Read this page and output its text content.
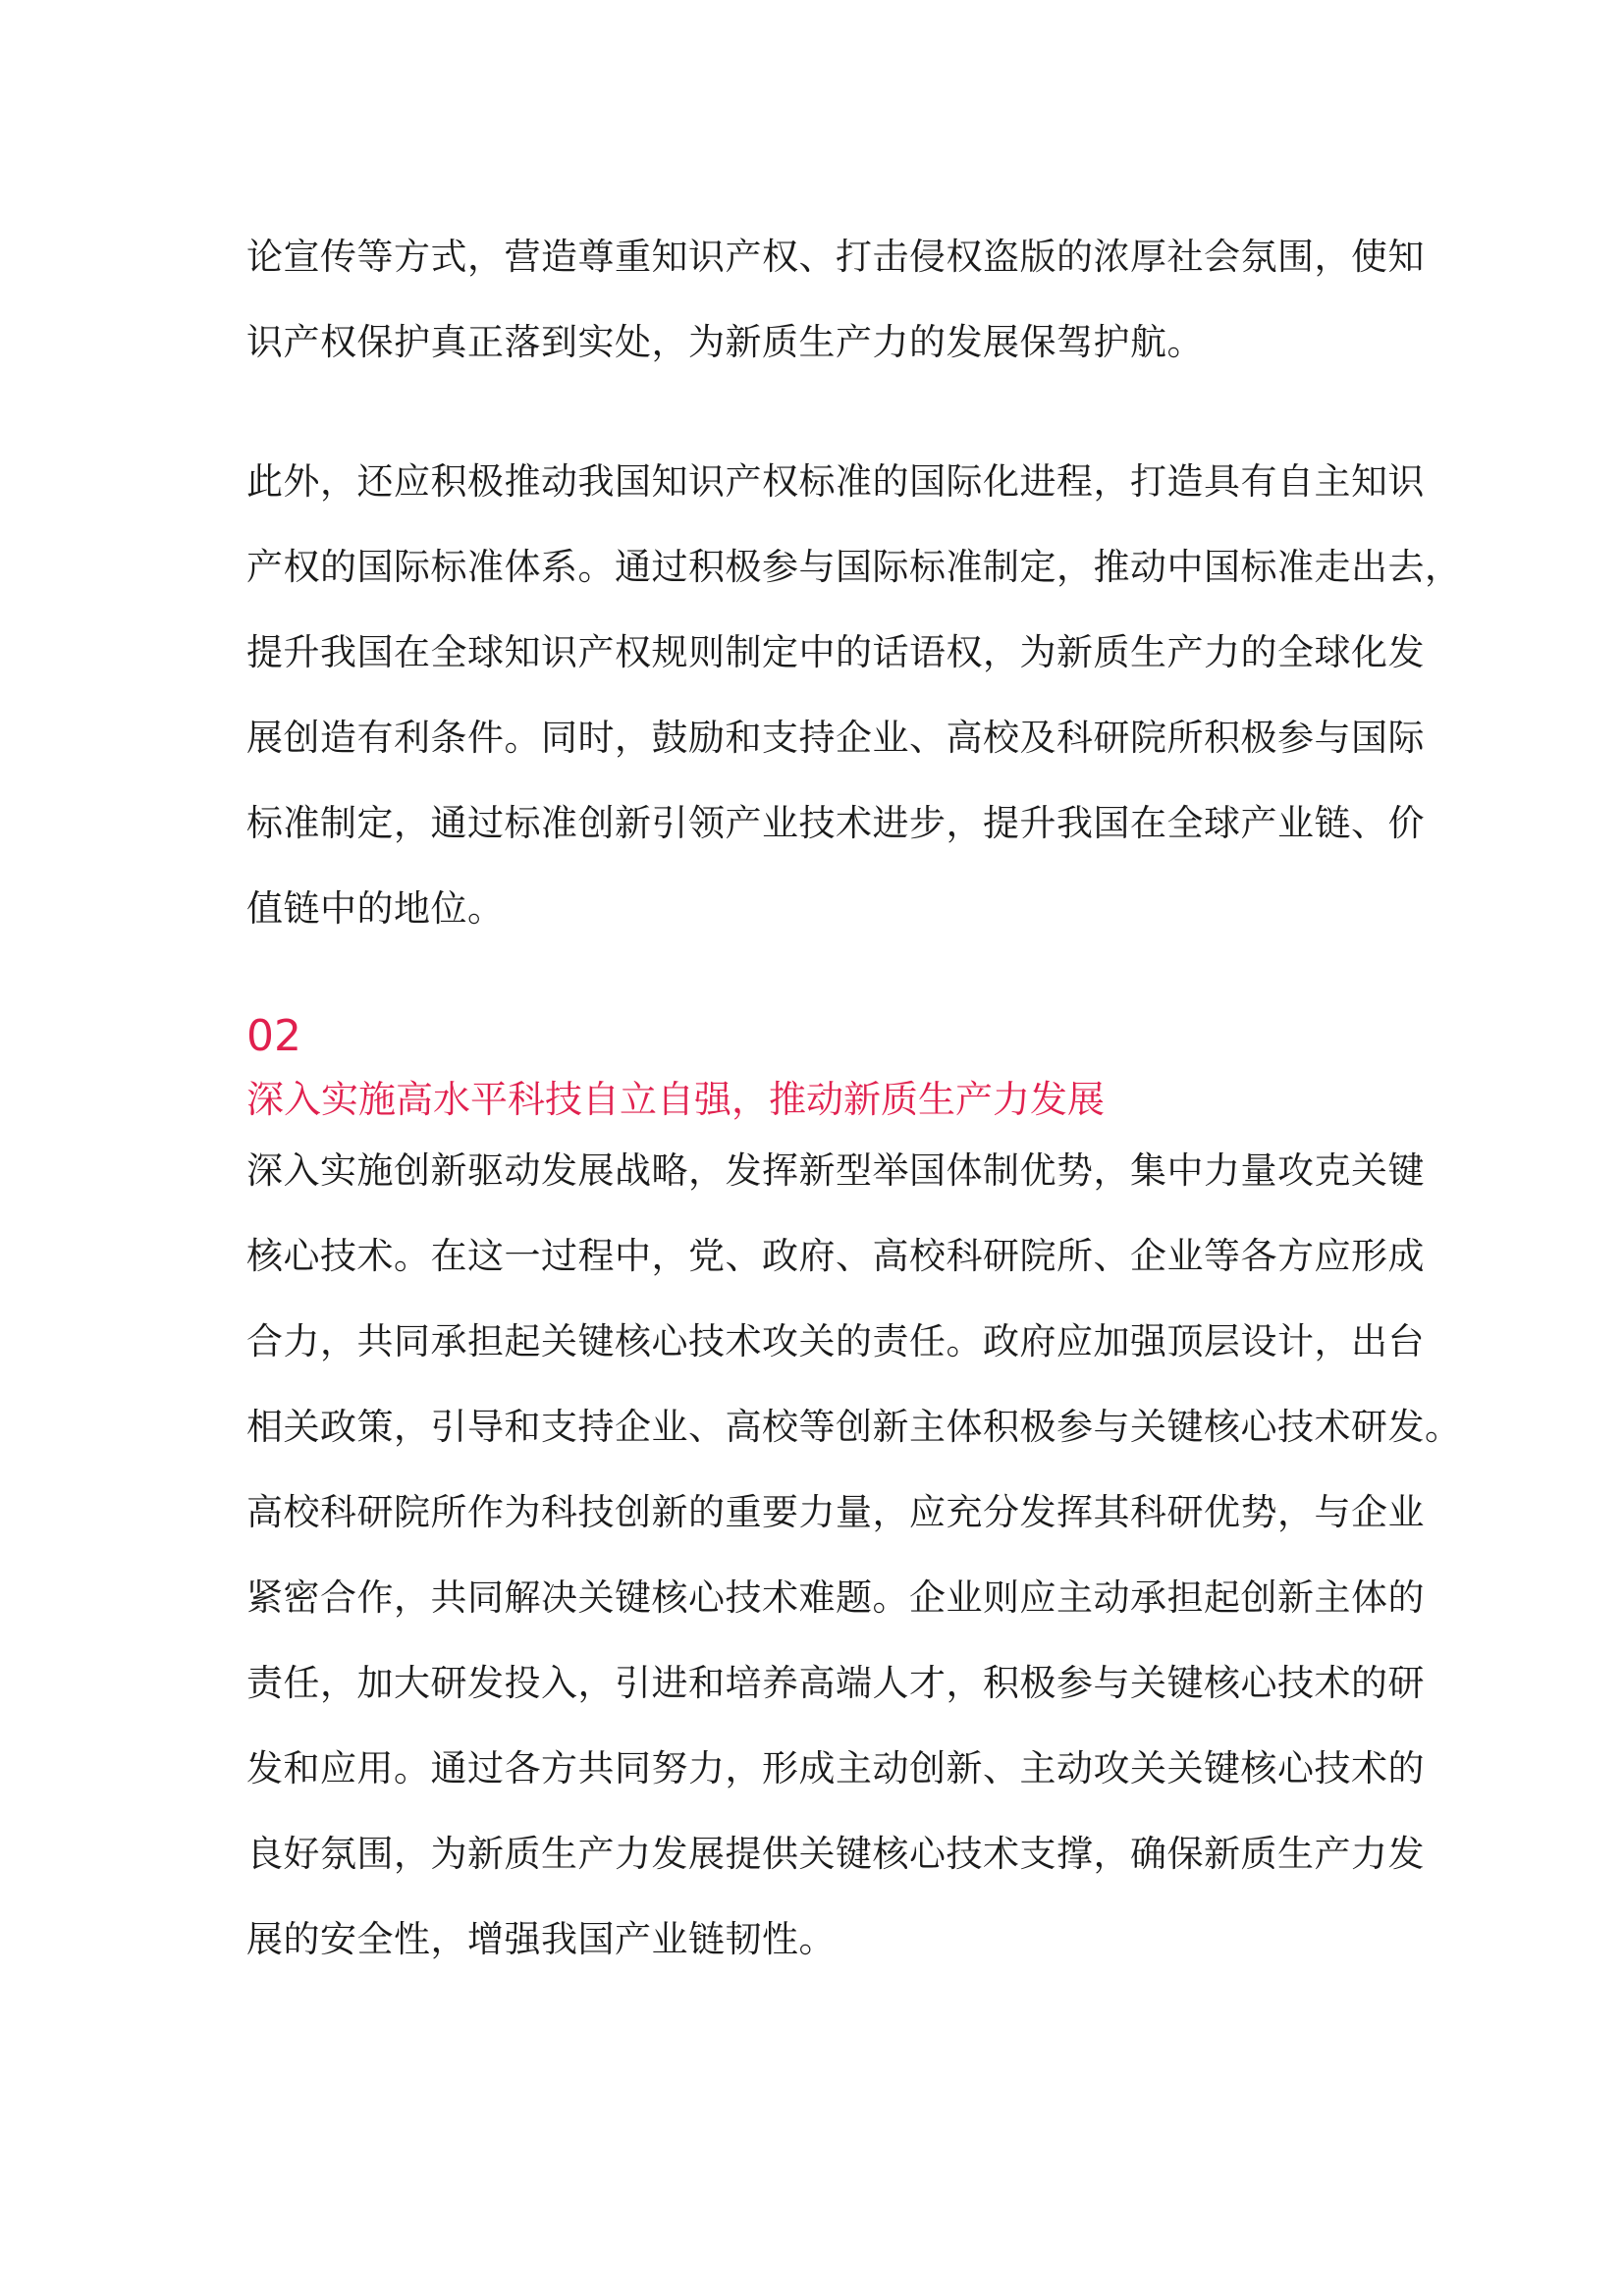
论宣传等方式，营造尊重知识产权、打击侵权盗版的浓厚社会氛围，使知
识产权保护真正落到实处，为新质生产力的发展保驾护航。

此外，还应积极推动我国知识产权标准的国际化进程，打造具有自主知识
产权的国际标准体系。通过积极参与国际标准制定，推动中国标准走出去，
提升我国在全球知识产权规则制定中的话语权，为新质生产力的全球化发
展创造有利条件。同时，鼓励和支持企业、高校及科研院所积极参与国际
标准制定，通过标准创新引领产业技术进步，提升我国在全球产业链、价
值链中的地位。

02
深入实施高水平科技自立自强，推动新质生产力发展

深入实施创新驱动发展战略，发挥新型举国体制优势，集中力量攻克关键
核心技术。在这一过程中，党、政府、高校科研院所、企业等各方应形成
合力，共同承担起关键核心技术攻关的责任。政府应加强顶层设计，出台
相关政策，引导和支持企业、高校等创新主体积极参与关键核心技术研发。
高校科研院所作为科技创新的重要力量，应充分发挥其科研优势，与企业
紧密合作，共同解决关键核心技术难题。企业则应主动承担起创新主体的
责任，加大研发投入，引进和培养高端人才，积极参与关键核心技术的研
发和应用。通过各方共同努力，形成主动创新、主动攻关关键核心技术的
良好氛围，为新质生产力发展提供关键核心技术支撑，确保新质生产力发
展的安全性，增强我国产业链韧性。
